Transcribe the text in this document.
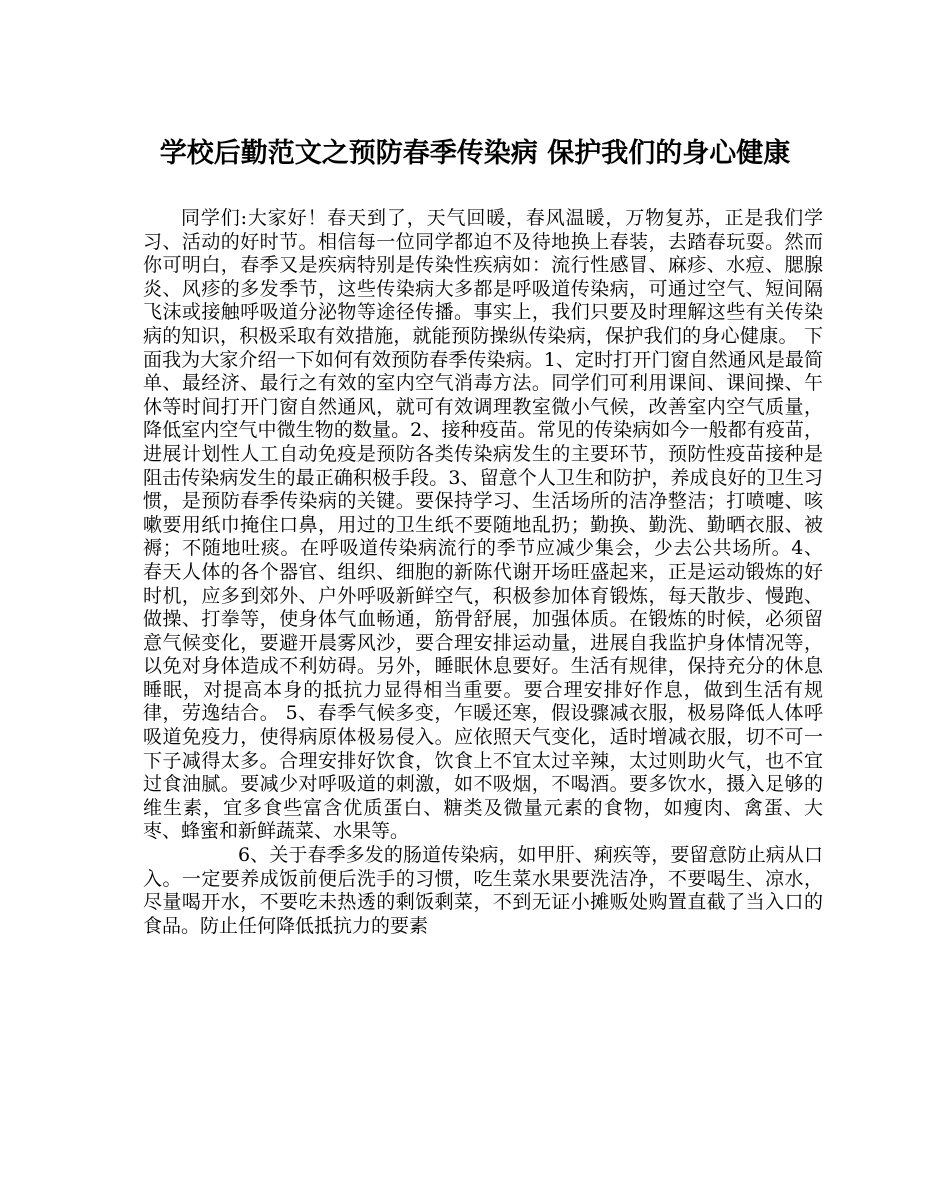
学校后勤范文之预防春季传染病 保护我们的身心健康

同学们:大家好！春天到了，天气回暖，春风温暖，万物复苏，正是我们学习、活动的好时节。相信每一位同学都迫不及待地换上春装，去踏春玩耍。然而你可明白，春季又是疾病特别是传染性疾病如：流行性感冒、麻疹、水痘、腮腺炎、风疹的多发季节，这些传染病大多都是呼吸道传染病，可通过空气、短间隔飞沫或接触呼吸道分泌物等途径传播。事实上，我们只要及时理解这些有关传染病的知识，积极采取有效措施，就能预防操纵传染病，保护我们的身心健康。 下面我为大家介绍一下如何有效预防春季传染病。1、定时打开门窗自然通风是最简单、最经济、最行之有效的室内空气消毒方法。同学们可利用课间、课间操、午休等时间打开门窗自然通风，就可有效调理教室微小气候，改善室内空气质量，降低室内空气中微生物的数量。2、接种疫苗。常见的传染病如今一般都有疫苗，进展计划性人工自动免疫是预防各类传染病发生的主要环节，预防性疫苗接种是阻击传染病发生的最正确积极手段。3、留意个人卫生和防护，养成良好的卫生习惯，是预防春季传染病的关键。要保持学习、生活场所的洁净整洁；打喷嚏、咳嗽要用纸巾掩住口鼻，用过的卫生纸不要随地乱扔；勤换、勤洗、勤晒衣服、被褥；不随地吐痰。在呼吸道传染病流行的季节应减少集会，少去公共场所。4、 春天人体的各个器官、组织、细胞的新陈代谢开场旺盛起来，正是运动锻炼的好时机，应多到郊外、户外呼吸新鲜空气，积极参加体育锻炼，每天散步、慢跑、做操、打拳等，使身体气血畅通，筋骨舒展，加强体质。在锻炼的时候，必须留意气候变化，要避开晨雾风沙，要合理安排运动量，进展自我监护身体情况等，以免对身体造成不利妨碍。另外，睡眠休息要好。生活有规律，保持充分的休息睡眠，对提高本身的抵抗力显得相当重要。要合理安排好作息，做到生活有规律，劳逸结合。 5、春季气候多变，乍暖还寒，假设骤减衣服，极易降低人体呼吸道免疫力，使得病原体极易侵入。应依照天气变化，适时增减衣服，切不可一下子减得太多。合理安排好饮食，饮食上不宜太过辛辣，太过则助火气，也不宜过食油腻。要减少对呼吸道的刺激，如不吸烟，不喝酒。要多饮水，摄入足够的维生素，宜多食些富含优质蛋白、糖类及微量元素的食物，如瘦肉、禽蛋、大枣、蜂蜜和新鲜蔬菜、水果等。

6、关于春季多发的肠道传染病，如甲肝、痢疾等，要留意防止病从口入。一定要养成饭前便后洗手的习惯，吃生菜水果要洗洁净，不要喝生、凉水，尽量喝开水，不要吃未热透的剩饭剩菜，不到无证小摊贩处购置直截了当入口的食品。防止任何降低抵抗力的要素
